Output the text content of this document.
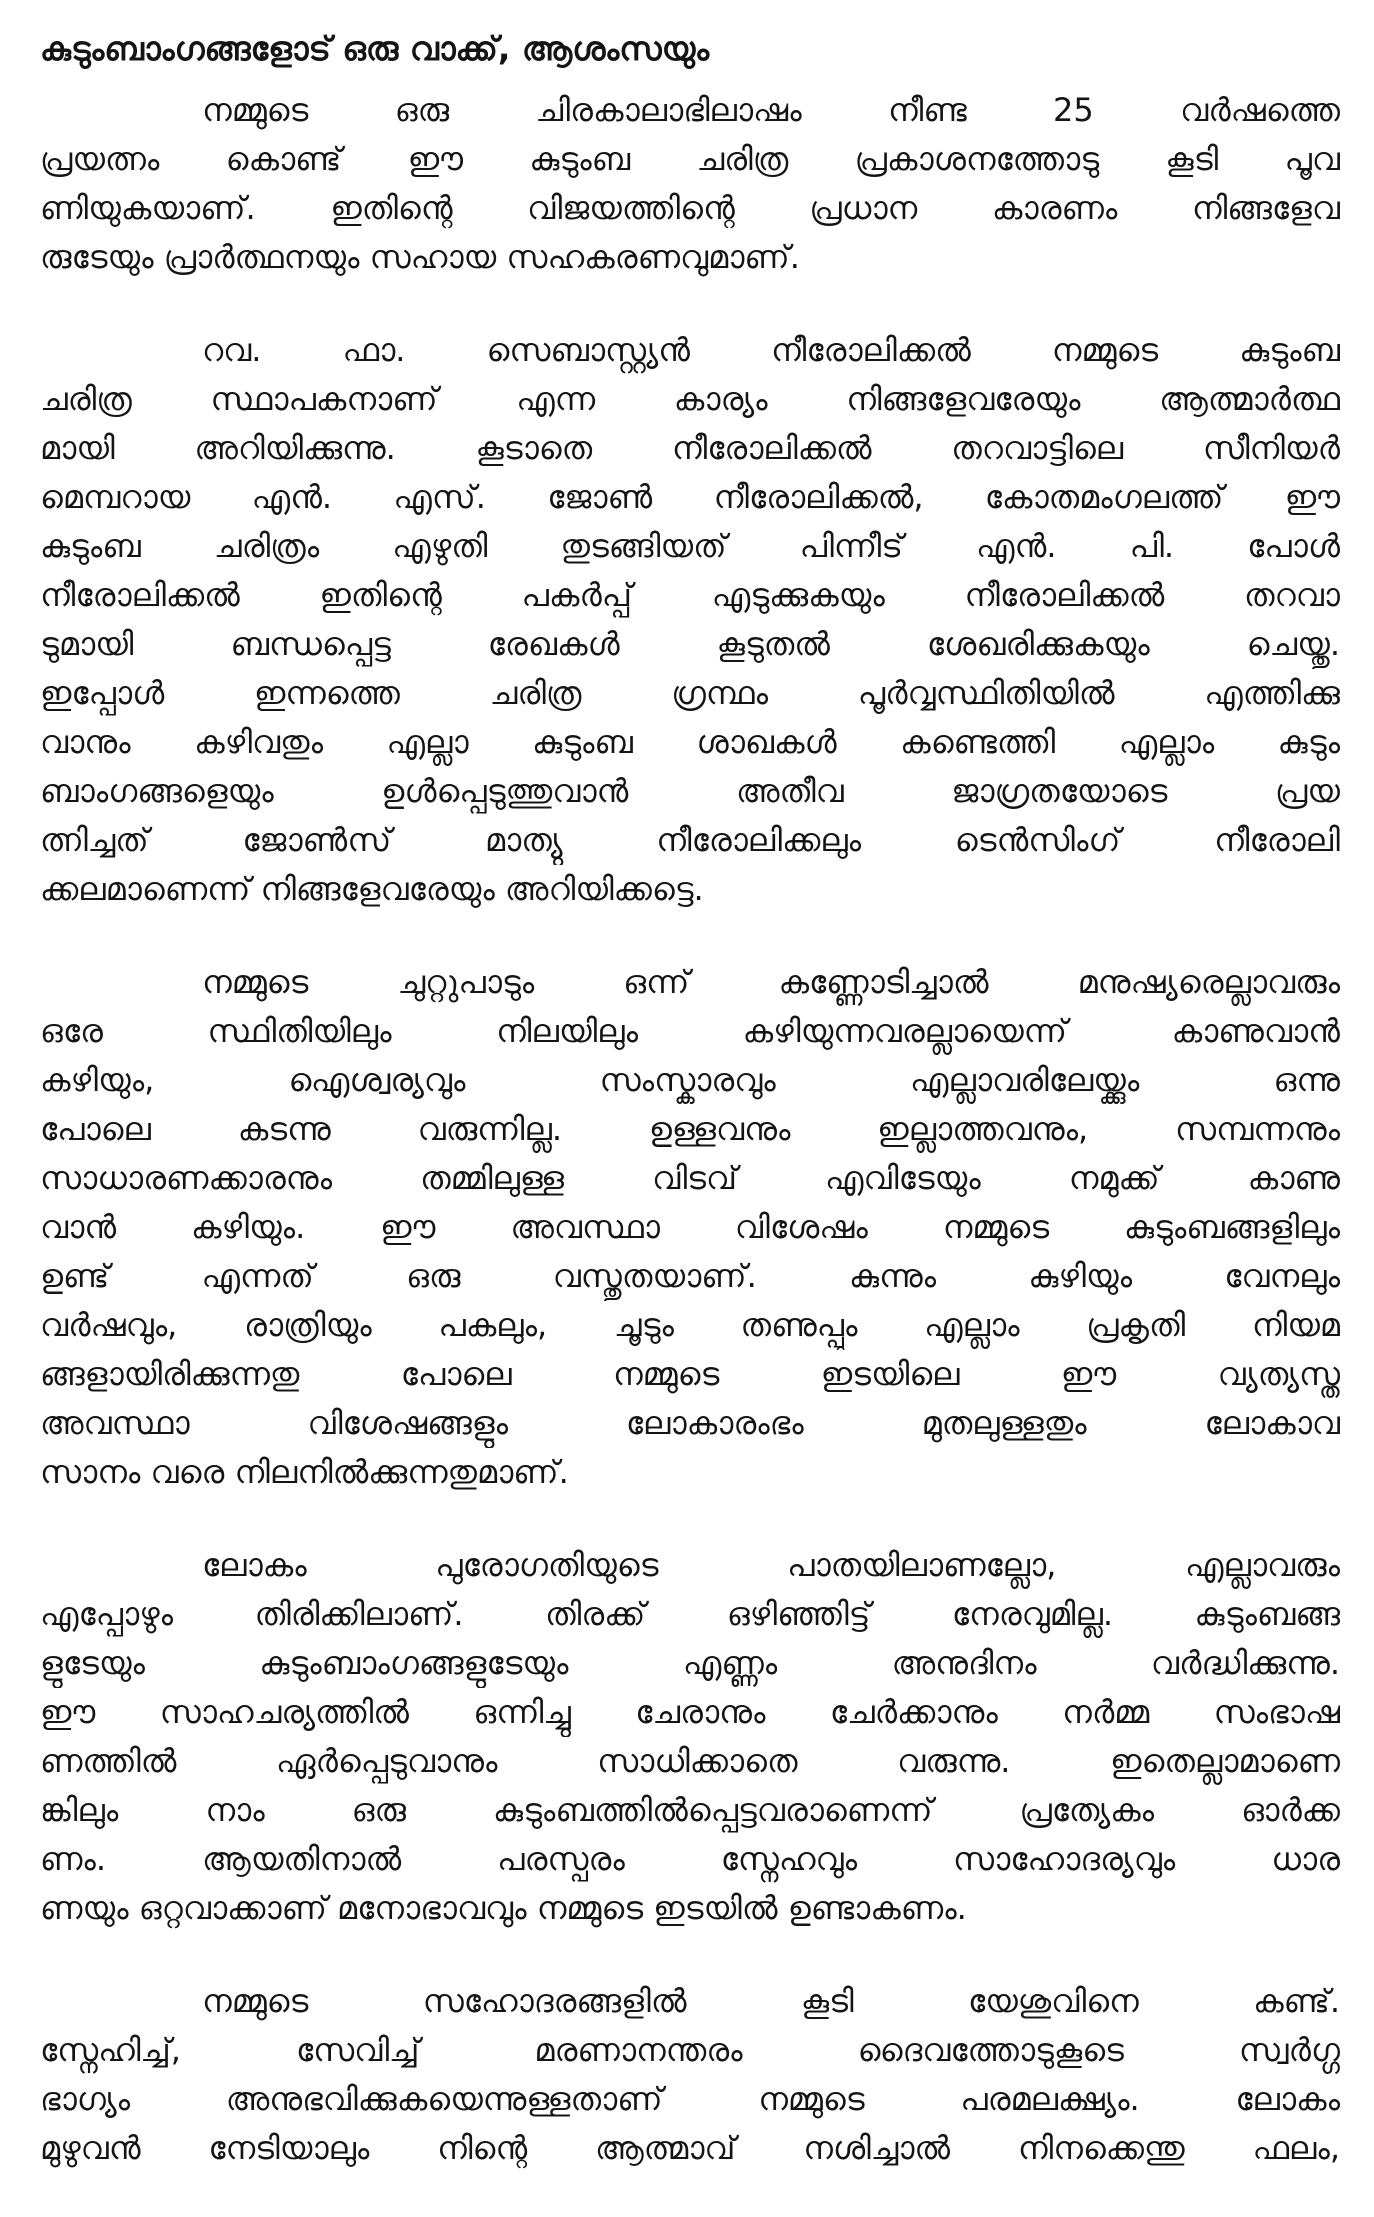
കുടുംബാംഗങ്ങളോട് ഒരു വാക്ക്, ആശംസയും
നമ്മുടെ ഒരു ചിരകാലാഭിലാഷം നീണ്ട 25 വർഷത്തെ
പ്രയത്നം കൊണ്ട് ഈ കുടുംബ ചരിത്ര പ്രകാശനത്തോടു കൂടി പൂവ
ണിയുകയാണ്. ഇതിന്റെ വിജയത്തിന്റെ പ്രധാന കാരണം നിങ്ങളേവ
രുടേയും പ്രാർത്ഥനയും സഹായ സഹകരണവുമാണ്.
റവ. ഫാ. സെബാസ്റ്റ്യൻ നീരോലിക്കൽ നമ്മുടെ കുടുംബ
ചരിത്ര സ്ഥാപകനാണ് എന്ന കാര്യം നിങ്ങളേവരേയും ആത്മാർത്ഥ
മായി അറിയിക്കുന്നു. കൂടാതെ നീരോലിക്കൽ തറവാട്ടിലെ സീനിയർ
മെമ്പറായ എൻ. എസ്. ജോൺ നീരോലിക്കൽ, കോതമംഗലത്ത് ഈ
കുടുംബ ചരിത്രം എഴുതി തുടങ്ങിയത് പിന്നീട് എൻ. പി. പോൾ
നീരോലിക്കൽ ഇതിന്റെ പകർപ്പ് എടുക്കുകയും നീരോലിക്കൽ തറവാ
ടുമായി ബന്ധപ്പെട്ട രേഖകൾ കൂടുതൽ ശേഖരിക്കുകയും ചെയ്തു.
ഇപ്പോൾ ഇന്നത്തെ ചരിത്ര ഗ്രന്ഥം പൂർവ്വസ്ഥിതിയിൽ എത്തിക്കു
വാനും കഴിവതും എല്ലാ കുടുംബ ശാഖകൾ കണ്ടെത്തി എല്ലാം കുടും
ബാംഗങ്ങളെയും ഉൾപ്പെടുത്തുവാൻ അതീവ ജാഗ്രതയോടെ പ്രയ
ത്നിച്ചത് ജോൺസ് മാത്യു നീരോലിക്കലും ടെൻസിംഗ് നീരോലി
ക്കലമാണെന്ന് നിങ്ങളേവരേയും അറിയിക്കട്ടെ.
നമ്മുടെ ചുറ്റുപാടും ഒന്ന് കണ്ണോടിച്ചാൽ മനുഷ്യരെല്ലാവരും
ഒരേ സ്ഥിതിയിലും നിലയിലും കഴിയുന്നവരല്ലായെന്ന് കാണുവാൻ
കഴിയും, ഐശ്വര്യവും സംസ്കാരവും എല്ലാവരിലേയ്ക്കും ഒന്നു
പോലെ കടന്നു വരുന്നില്ല. ഉള്ളവനും ഇല്ലാത്തവനും, സമ്പന്നനും
സാധാരണക്കാരനും തമ്മിലുള്ള വിടവ് എവിടേയും നമുക്ക് കാണു
വാൻ കഴിയും. ഈ അവസ്ഥാ വിശേഷം നമ്മുടെ കുടുംബങ്ങളിലും
ഉണ്ട് എന്നത് ഒരു വസ്തുതയാണ്. കുന്നും കുഴിയും വേനലും
വർഷവും, രാത്രിയും പകലും, ചൂടും തണുപ്പും എല്ലാം പ്രകൃതി നിയമ
ങ്ങളായിരിക്കുന്നതു പോലെ നമ്മുടെ ഇടയിലെ ഈ വ്യത്യസ്ത
അവസ്ഥാ വിശേഷങ്ങളും ലോകാരംഭം മുതലുള്ളതും ലോകാവ
സാനം വരെ നിലനിൽക്കുന്നതുമാണ്.
ലോകം പുരോഗതിയുടെ പാതയിലാണല്ലോ, എല്ലാവരും
എപ്പോഴും തിരിക്കിലാണ്. തിരക്ക് ഒഴിഞ്ഞിട്ട് നേരവുമില്ല. കുടുംബങ്ങ
ളുടേയും കുടുംബാംഗങ്ങളുടേയും എണ്ണം അനുദിനം വർദ്ധിക്കുന്നു.
ഈ സാഹചര്യത്തിൽ ഒന്നിച്ചു ചേരാനും ചേർക്കാനും നർമ്മ സംഭാഷ
ണത്തിൽ ഏർപ്പെടുവാനും സാധിക്കാതെ വരുന്നു. ഇതെല്ലാമാണെ
ങ്കിലും നാം ഒരു കുടുംബത്തിൽപ്പെട്ടവരാണെന്ന് പ്രത്യേകം ഓർക്ക
ണം. ആയതിനാൽ പരസ്പരം സ്നേഹവും സാഹോദര്യവും ധാര
ണയും ഒറ്റവാക്കാണ് മനോഭാവവും നമ്മുടെ ഇടയിൽ ഉണ്ടാകണം.
നമ്മുടെ സഹോദരങ്ങളിൽ കൂടി യേശുവിനെ കണ്ട്.
സ്നേഹിച്ച്, സേവിച്ച് മരണാനന്തരം ദൈവത്തോടുകൂടെ സ്വർഗ്ഗ
ഭാഗ്യം അനുഭവിക്കുകയെന്നുള്ളതാണ് നമ്മുടെ പരമലക്ഷ്യം. ലോകം
മുഴുവൻ നേടിയാലും നിന്റെ ആത്മാവ് നശിച്ചാൽ നിനക്കെന്തു ഫലം,
